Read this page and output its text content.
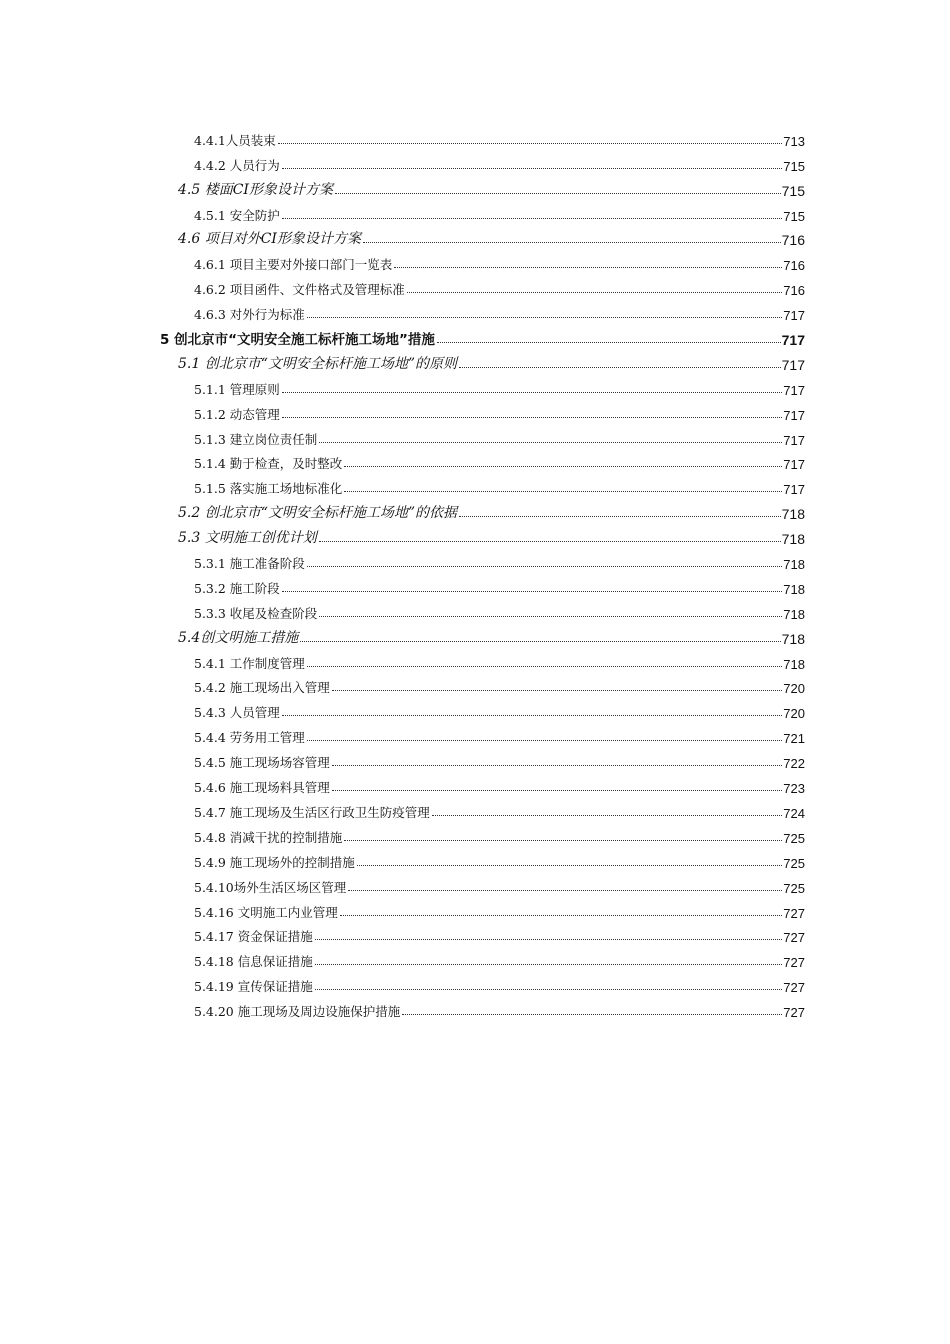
4.4.1人员装束	713
4.4.2 人员行为	715
4.5 楼面CI形象设计方案	715
4.5.1 安全防护	715
4.6 项目对外CI形象设计方案	716
4.6.1 项目主要对外接口部门一览表	716
4.6.2 项目函件、文件格式及管理标准	716
4.6.3 对外行为标准	717
5 创北京市“文明安全施工标杆施工场地”措施	717
5.1 创北京市“文明安全标杆施工场地”的原则	717
5.1.1 管理原则	717
5.1.2 动态管理	717
5.1.3 建立岗位责任制	717
5.1.4 勤于检查，及时整改	717
5.1.5 落实施工场地标准化	717
5.2 创北京市“文明安全标杆施工场地”的依据	718
5.3 文明施工创优计划	718
5.3.1 施工准备阶段	718
5.3.2 施工阶段	718
5.3.3 收尾及检查阶段	718
5.4创文明施工措施	718
5.4.1 工作制度管理	718
5.4.2 施工现场出入管理	720
5.4.3 人员管理	720
5.4.4 劳务用工管理	721
5.4.5 施工现场场容管理	722
5.4.6 施工现场料具管理	723
5.4.7 施工现场及生活区行政卫生防疫管理	724
5.4.8 消减干扰的控制措施	725
5.4.9 施工现场外的控制措施	725
5.4.10场外生活区场区管理	725
5.4.16 文明施工内业管理	727
5.4.17 资金保证措施	727
5.4.18 信息保证措施	727
5.4.19 宣传保证措施	727
5.4.20 施工现场及周边设施保护措施	727
